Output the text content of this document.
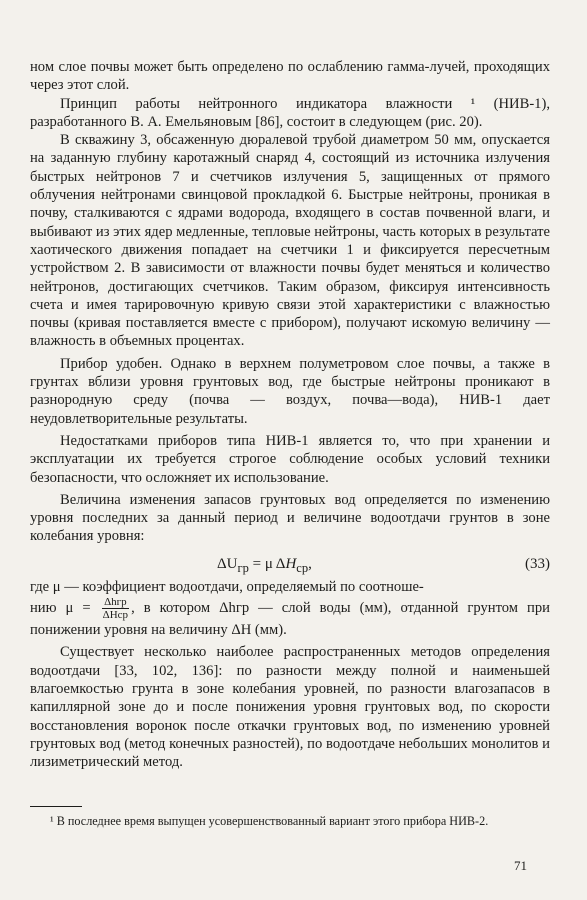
ном слое почвы может быть определено по ослаблению гамма-лучей, проходящих через этот слой.

Принцип работы нейтронного индикатора влажности ¹ (НИВ-1), разработанного В. А. Емельяновым [86], состоит в следующем (рис. 20).

В скважину 3, обсаженную дюралевой трубой диаметром 50 мм, опускается на заданную глубину каротажный снаряд 4, состоящий из источника излучения быстрых нейтронов 7 и счетчиков излучения 5, защищенных от прямого облучения нейтронами свинцовой прокладкой 6. Быстрые нейтроны, проникая в почву, сталкиваются с ядрами водорода, входящего в состав почвенной влаги, и выбивают из этих ядер медленные, тепловые нейтроны, часть которых в результате хаотического движения попадает на счетчики 1 и фиксируется пересчетным устройством 2. В зависимости от влажности почвы будет меняться и количество нейтронов, достигающих счетчиков. Таким образом, фиксируя интенсивность счета и имея тарировочную кривую связи этой характеристики с влажностью почвы (кривая поставляется вместе с прибором), получают искомую величину — влажность в объемных процентах.

Прибор удобен. Однако в верхнем полуметровом слое почвы, а также в грунтах вблизи уровня грунтовых вод, где быстрые нейтроны проникают в разнородную среду (почва — воздух, почва—вода), НИВ-1 дает неудовлетворительные результаты.

Недостатками приборов типа НИВ-1 является то, что при хранении и эксплуатации их требуется строгое соблюдение особых условий техники безопасности, что осложняет их использование.

Величина изменения запасов грунтовых вод определяется по изменению уровня последних за данный период и величине водоотдачи грунтов в зоне колебания уровня:

$\Delta U_{гр} = \mu$ $\Delta H_{ср}$,	(33)

где μ — коэффициент водоотдачи, определяемый по соотноше-

нию $\mu = \frac{\text{Δhгр}}{\text{ΔHср}}$ , в котором Δhгр — слой воды (мм), отданной грунтом при понижении уровня на величину ΔH (мм).

Существует несколько наиболее распространенных методов определения водоотдачи [33, 102, 136]: по разности между полной и наименьшей влагоемкостью грунта в зоне колебания уровней, по разности влагозапасов в капиллярной зоне до и после понижения уровня грунтовых вод, по скорости восстановления воронок после откачки грунтовых вод, по изменению уровней грунтовых вод (метод конечных разностей), по водоотдаче небольших монолитов и лизиметрический метод.

¹ В последнее время выпущен усовершенствованный вариант этого прибора НИВ-2.
71
